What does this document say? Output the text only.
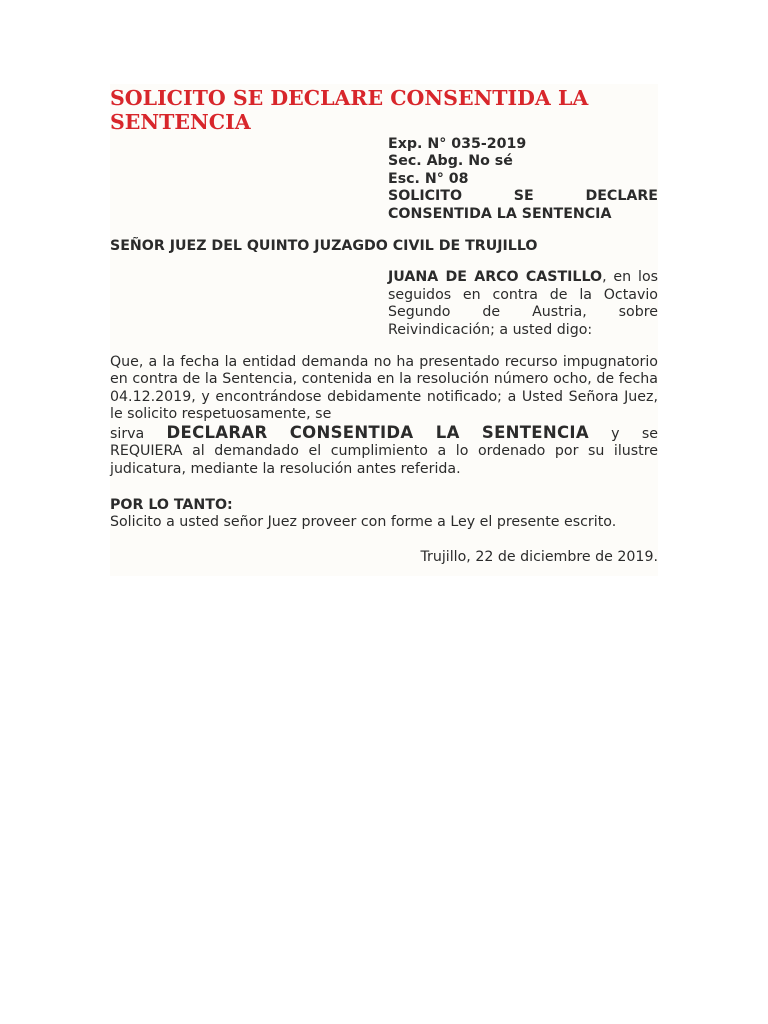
SOLICITO SE DECLARE CONSENTIDA LA SENTENCIA
Exp. N° 035-2019
Sec. Abg. No sé
Esc. N° 08
SOLICITO	SE	DECLARE
CONSENTIDA LA SENTENCIA
SEÑOR JUEZ DEL QUINTO JUZAGDO CIVIL DE TRUJILLO
JUANA DE ARCO CASTILLO, en los seguidos en contra de la Octavio Segundo de Austria, sobre Reivindicación; a usted digo:
Que, a la fecha la entidad demanda no ha presentado recurso impugnatorio en contra de la Sentencia, contenida en la resolución número ocho, de fecha 04.12.2019, y encontrándose debidamente notificado; a Usted Señora Juez, le solicito respetuosamente, se
sirva DECLARAR CONSENTIDA LA SENTENCIA y se
REQUIERA al demandado el cumplimiento a lo ordenado por su ilustre judicatura, mediante la resolución antes referida.
POR LO TANTO:
Solicito a usted señor Juez proveer con forme a Ley el presente escrito.
Trujillo, 22 de diciembre de 2019.
